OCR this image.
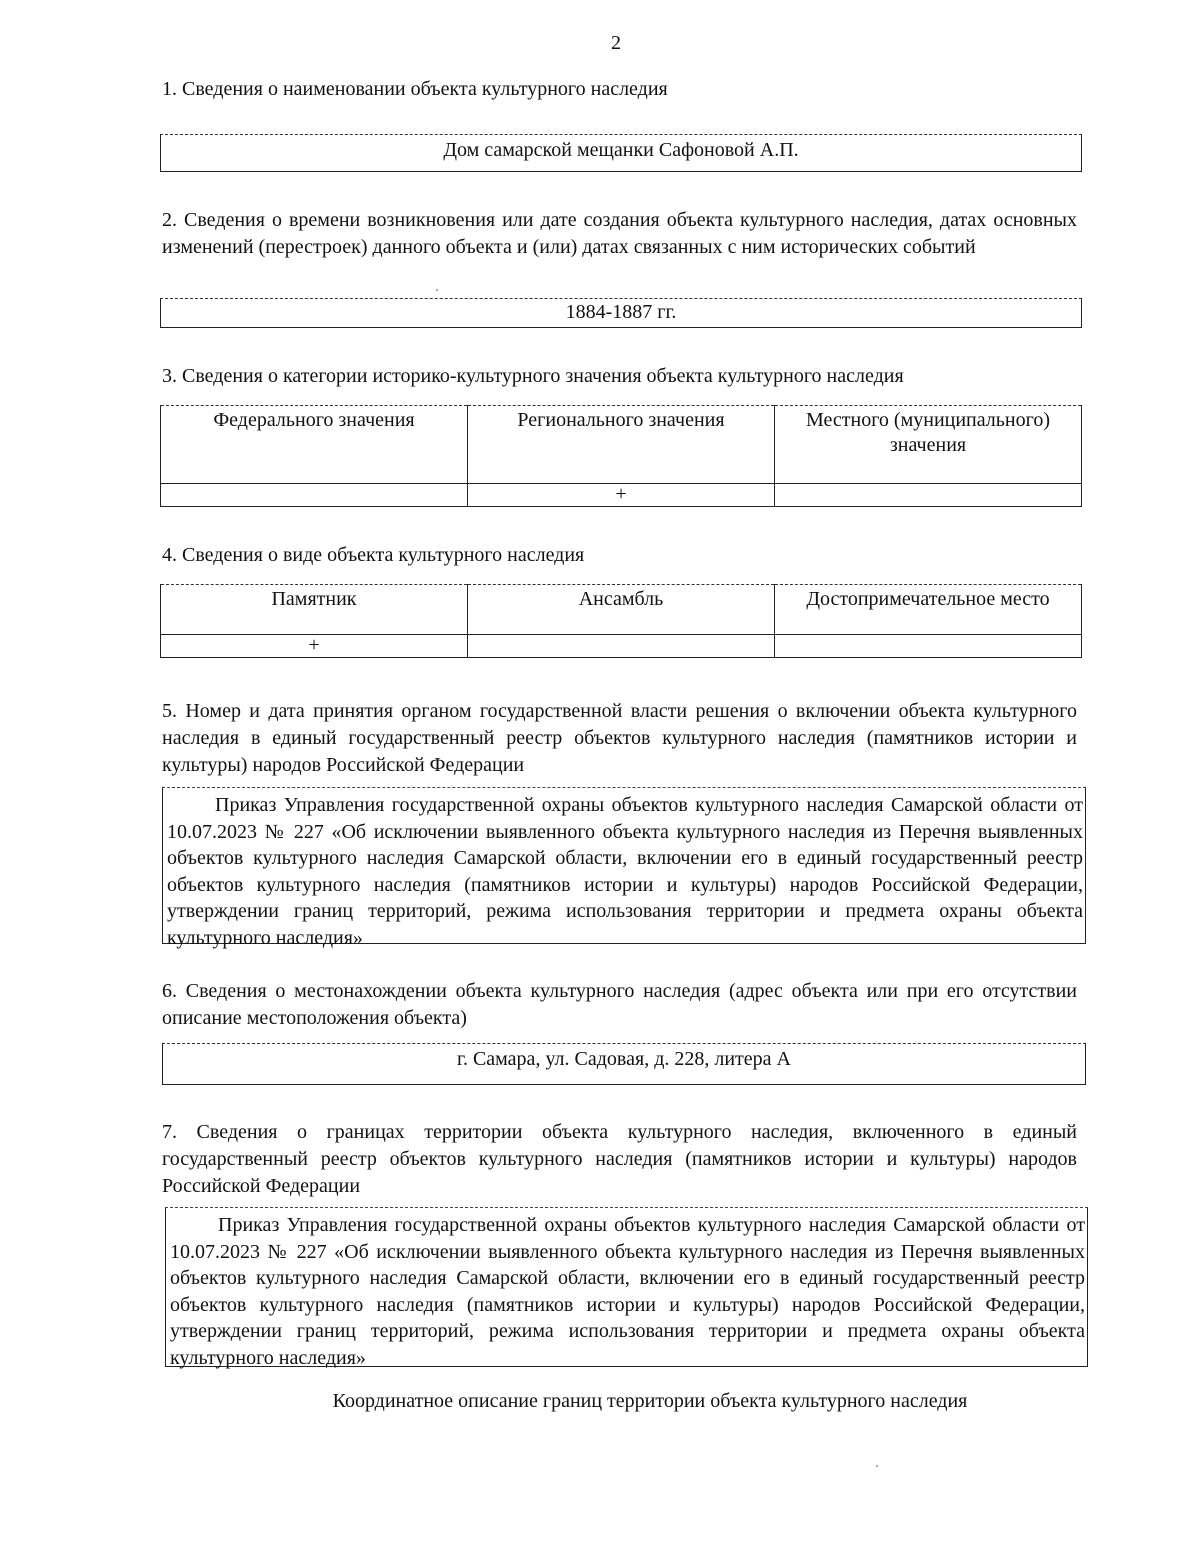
2

1. Сведения о наименовании объекта культурного наследия

Дом самарской мещанки Сафоновой А.П.

2. Сведения о времени возникновения или дате создания объекта культурного наследия, датах основных изменений (перестроек) данного объекта и (или) датах связанных с ним исторических событий

1884-1887 гг.

3. Сведения о категории историко-культурного значения объекта культурного наследия

Федерального значения	Регионального значения	Местного (муниципального) значения
	+	

4. Сведения о виде объекта культурного наследия

Памятник	Ансамбль	Достопримечательное место
+		

5. Номер и дата принятия органом государственной власти решения о включении объекта культурного наследия в единый государственный реестр объектов культурного наследия (памятников истории и культуры) народов Российской Федерации

Приказ Управления государственной охраны объектов культурного наследия Самарской области от 10.07.2023 № 227 «Об исключении выявленного объекта культурного наследия из Перечня выявленных объектов культурного наследия Самарской области, включении его в единый государственный реестр объектов культурного наследия (памятников истории и культуры) народов Российской Федерации, утверждении границ территорий, режима использования территории и предмета охраны объекта культурного наследия»

6. Сведения о местонахождении объекта культурного наследия (адрес объекта или при его отсутствии описание местоположения объекта)

г. Самара, ул. Садовая, д. 228, литера А

7. Сведения о границах территории объекта культурного наследия, включенного в единый государственный реестр объектов культурного наследия (памятников истории и культуры) народов Российской Федерации

Приказ Управления государственной охраны объектов культурного наследия Самарской области от 10.07.2023 № 227 «Об исключении выявленного объекта культурного наследия из Перечня выявленных объектов культурного наследия Самарской области, включении его в единый государственный реестр объектов культурного наследия (памятников истории и культуры) народов Российской Федерации, утверждении границ территорий, режима использования территории и предмета охраны объекта культурного наследия»

Координатное описание границ территории объекта культурного наследия
